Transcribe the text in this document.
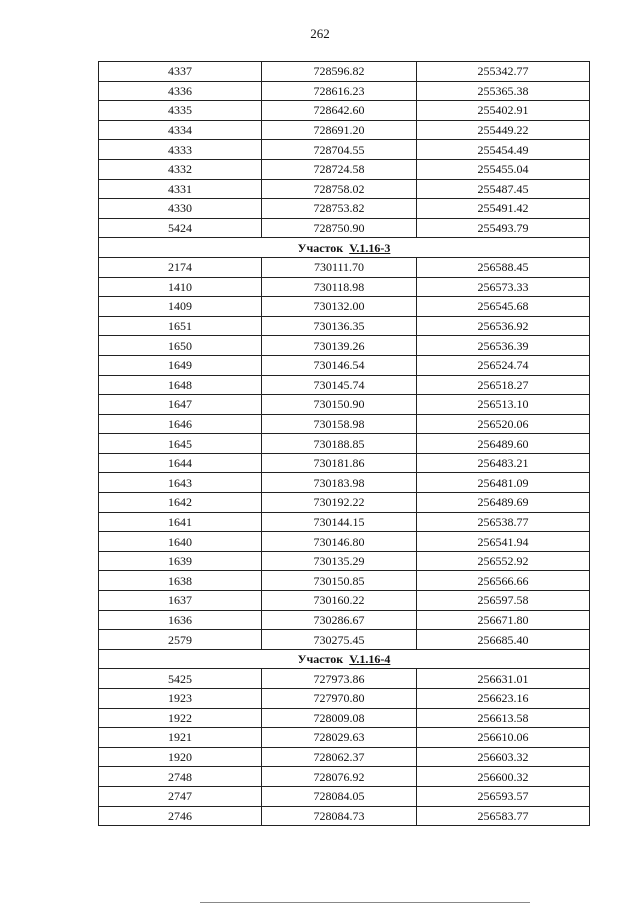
262
4337	728596.82	255342.77
4336	728616.23	255365.38
4335	728642.60	255402.91
4334	728691.20	255449.22
4333	728704.55	255454.49
4332	728724.58	255455.04
4331	728758.02	255487.45
4330	728753.82	255491.42
5424	728750.90	255493.79
Участок V.1.16-3		
2174	730111.70	256588.45
1410	730118.98	256573.33
1409	730132.00	256545.68
1651	730136.35	256536.92
1650	730139.26	256536.39
1649	730146.54	256524.74
1648	730145.74	256518.27
1647	730150.90	256513.10
1646	730158.98	256520.06
1645	730188.85	256489.60
1644	730181.86	256483.21
1643	730183.98	256481.09
1642	730192.22	256489.69
1641	730144.15	256538.77
1640	730146.80	256541.94
1639	730135.29	256552.92
1638	730150.85	256566.66
1637	730160.22	256597.58
1636	730286.67	256671.80
2579	730275.45	256685.40
Участок V.1.16-4		
5425	727973.86	256631.01
1923	727970.80	256623.16
1922	728009.08	256613.58
1921	728029.63	256610.06
1920	728062.37	256603.32
2748	728076.92	256600.32
2747	728084.05	256593.57
2746	728084.73	256583.77
